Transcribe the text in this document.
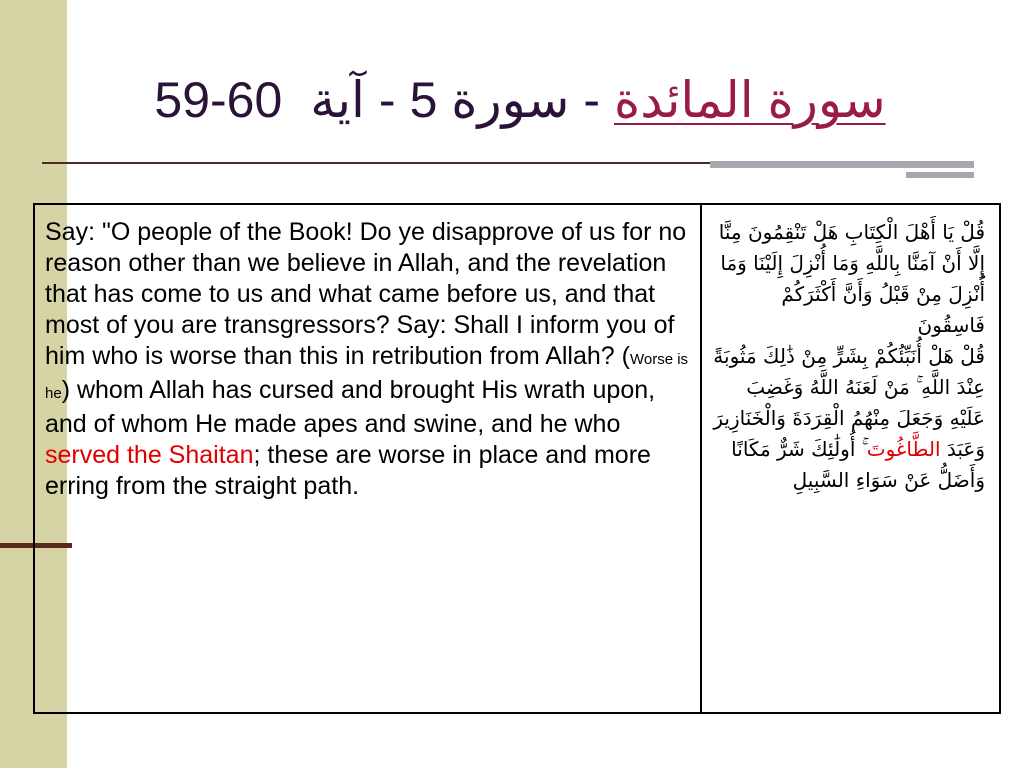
59-60 آية - سورة 5 - سورة المائدة
Say: "O people of the Book! Do ye disapprove of us for no reason other than we believe in Allah, and the revelation that has come to us and what came before us, and that most of you are transgressors? Say: Shall I inform you of him who is worse than this in retribution from Allah? (Worse is he) whom Allah has cursed and brought His wrath upon, and of whom He made apes and swine, and he who served the Shaitan; these are worse in place and more erring from the straight path.
قُلْ يَا أَهْلَ الْكِتَابِ هَلْ تَنْقِمُونَ مِنَّا إِلَّا أَنْ آمَنَّا بِاللَّهِ وَمَا أُنْزِلَ إِلَيْنَا وَمَا أُنْزِلَ مِنْ قَبْلُ وَأَنَّ أَكْثَرَكُمْ فَاسِقُونَ
قُلْ هَلْ أُنَبِّئُكُمْ بِشَرٍّ مِنْ ذَٰلِكَ مَثُوبَةً عِنْدَ اللَّهِ ۚ مَنْ لَعَنَهُ اللَّهُ وَغَضِبَ عَلَيْهِ وَجَعَلَ مِنْهُمُ الْقِرَدَةَ وَالْخَنَازِيرَ وَعَبَدَ الطَّاغُوتَ ۚ أُولَٰئِكَ شَرٌّ مَكَانًا وَأَضَلُّ عَنْ سَوَاءِ السَّبِيلِ
